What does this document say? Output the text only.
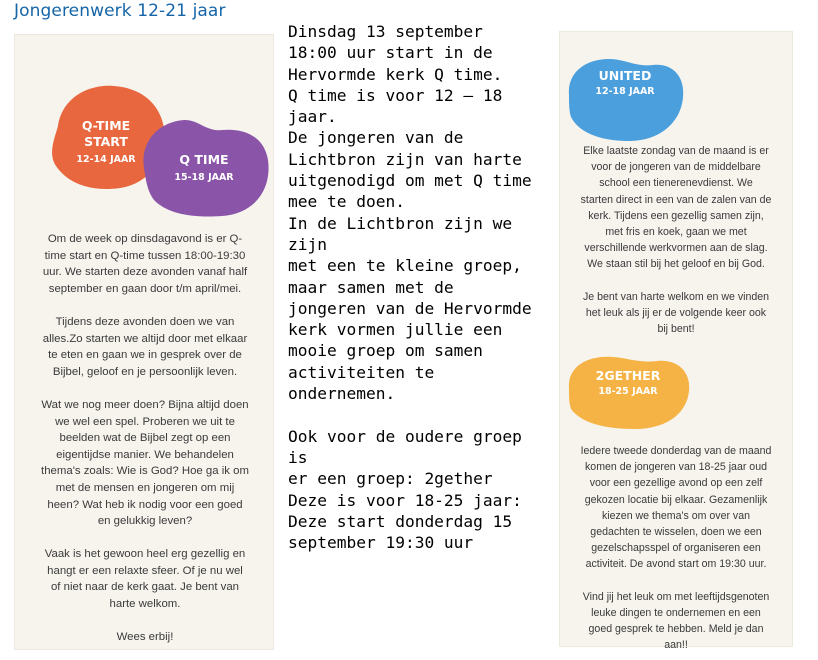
Jongerenwerk 12-21 jaar
Q-TIME
START
12-14 JAAR	Q TIME
15-18 JAAR
Om de week op dinsdagavond is er Q-
time start en Q-time tussen 18:00-19:30
uur. We starten deze avonden vanaf half
september en gaan door t/m april/mei.

Tijdens deze avonden doen we van
alles.Zo starten we altijd door met elkaar
te eten en gaan we in gesprek over de
Bijbel, geloof en je persoonlijk leven.

Wat we nog meer doen? Bijna altijd doen
we wel een spel. Proberen we uit te
beelden wat de Bijbel zegt op een
eigentijdse manier. We behandelen
thema's zoals: Wie is God? Hoe ga ik om
met de mensen en jongeren om mij
heen? Wat heb ik nodig voor een goed
en gelukkig leven?

Vaak is het gewoon heel erg gezellig en
hangt er een relaxte sfeer. Of je nu wel
of niet naar de kerk gaat. Je bent van
harte welkom.

Wees erbij!
Dinsdag 13 september
18:00 uur start in de
Hervormde kerk Q time.
Q time is voor 12 – 18 jaar.
De jongeren van de
Lichtbron zijn van harte
uitgenodigd om met Q time
mee te doen.
In de Lichtbron zijn we zijn
met een te kleine groep,
maar samen met de
jongeren van de Hervormde
kerk vormen jullie een
mooie groep om samen
activiteiten te ondernemen.

Ook voor de oudere groep is
er een groep: 2gether
Deze is voor 18-25 jaar:
Deze start donderdag 15
september 19:30 uur
UNITED
12-18 JAAR
Elke laatste zondag van de maand is er
voor de jongeren van de middelbare
school een tienerenevdienst. We
starten direct in een van de zalen van de
kerk. Tijdens een gezellig samen zijn,
met fris en koek, gaan we met
verschillende werkvormen aan de slag.
We staan stil bij het geloof en bij God.

Je bent van harte welkom en we vinden
het leuk als jij er de volgende keer ook
bij bent!
2GETHER
18-25 JAAR
Iedere tweede donderdag van de maand
komen de jongeren van 18-25 jaar oud
voor een gezellige avond op een zelf
gekozen locatie bij elkaar. Gezamenlijk
kiezen we thema's om over van
gedachten te wisselen, doen we een
gezelschapsspel of organiseren een
activiteit. De avond start om 19:30 uur.

Vind jij het leuk om met leeftijdsgenoten
leuke dingen te ondernemen en een
goed gesprek te hebben. Meld je dan
aan!!
